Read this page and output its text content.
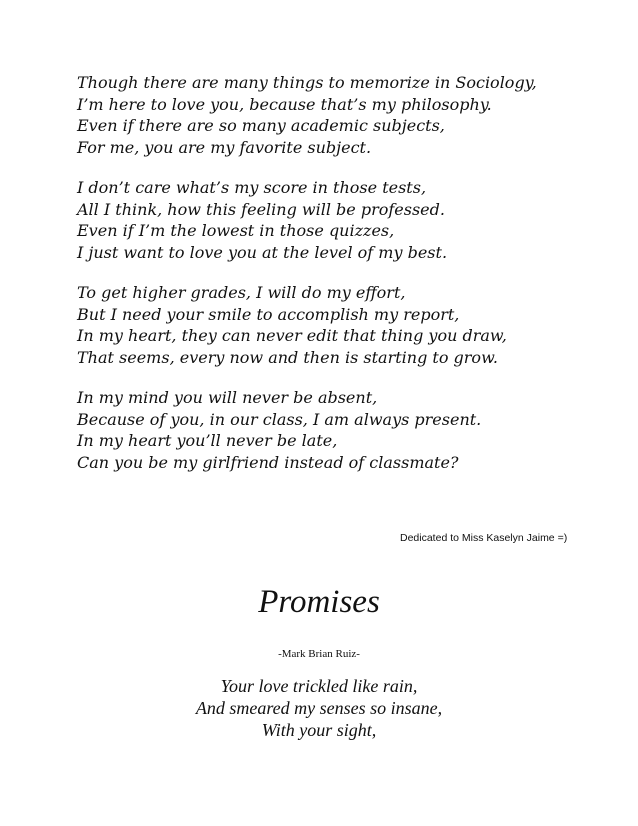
Though there are many things to memorize in Sociology,
I’m here to love you, because that’s my philosophy.
Even if there are so many academic subjects,
For me, you are my favorite subject.
I don’t care what’s my score in those tests,
All I think, how this feeling will be professed.
Even if I’m the lowest in those quizzes,
I just want to love you at the level of my best.
To get higher grades, I will do my effort,
But I need your smile to accomplish my report,
In my heart, they can never edit that thing you draw,
That seems, every now and then is starting to grow.
In my mind you will never be absent,
Because of you, in our class, I am always present.
In my heart you’ll never be late,
Can you be my girlfriend instead of classmate?
Dedicated to Miss Kaselyn Jaime =)
Promises
-Mark Brian Ruiz-
Your love trickled like rain,
And smeared my senses so insane,
With your sight,
